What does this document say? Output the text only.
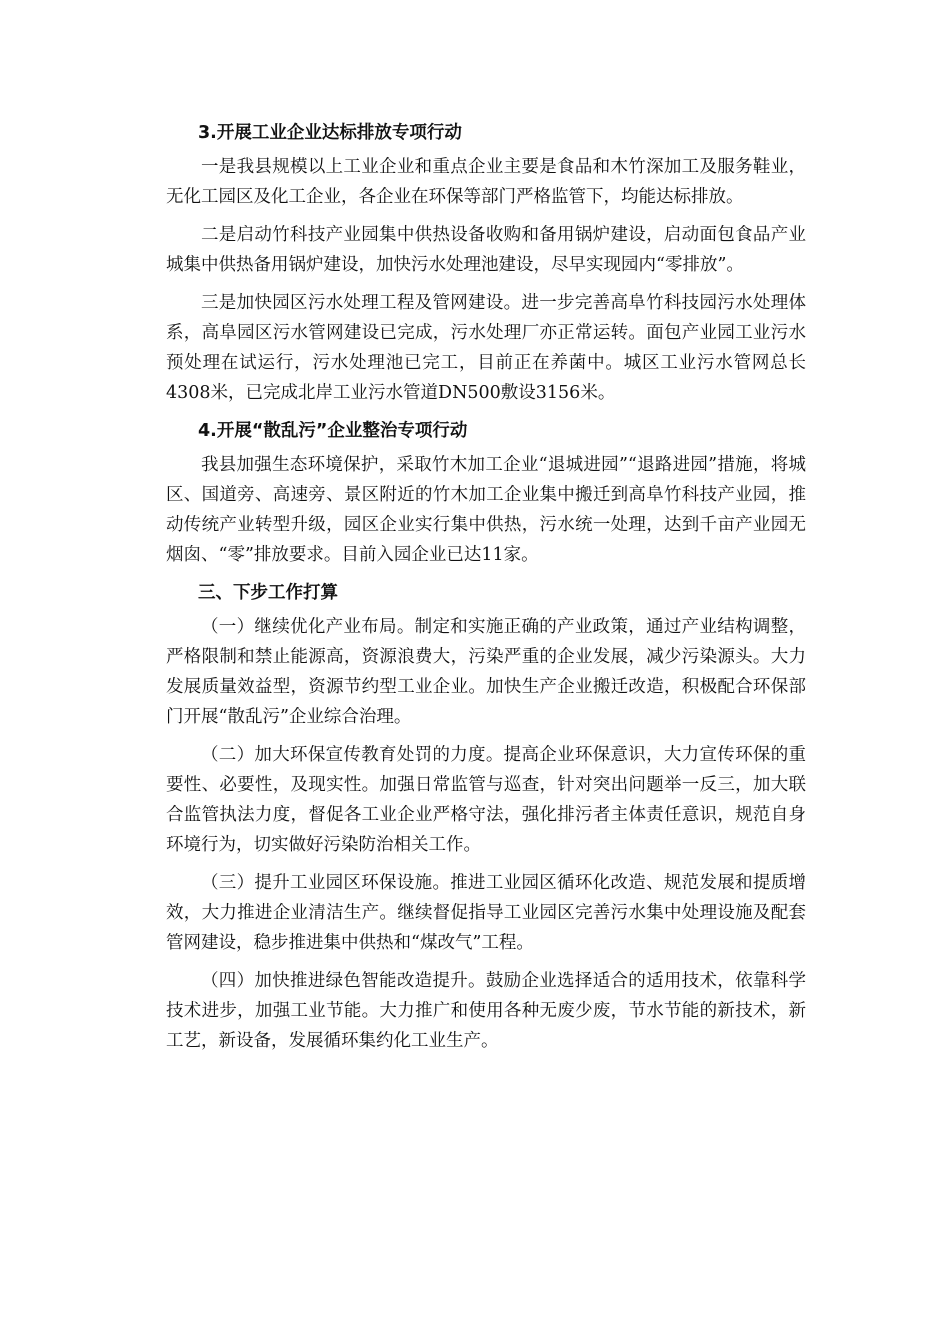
3.开展工业企业达标排放专项行动

一是我县规模以上工业企业和重点企业主要是食品和木竹深加工及服务鞋业，无化工园区及化工企业，各企业在环保等部门严格监管下，均能达标排放。

二是启动竹科技产业园集中供热设备收购和备用锅炉建设，启动面包食品产业城集中供热备用锅炉建设，加快污水处理池建设，尽早实现园内“零排放”。

三是加快园区污水处理工程及管网建设。进一步完善高阜竹科技园污水处理体系，高阜园区污水管网建设已完成，污水处理厂亦正常运转。面包产业园工业污水预处理在试运行，污水处理池已完工，目前正在养菌中。城区工业污水管网总长4308米，已完成北岸工业污水管道DN500敷设3156米。

4.开展“散乱污”企业整治专项行动

我县加强生态环境保护，采取竹木加工企业“退城进园”“退路进园”措施，将城区、国道旁、高速旁、景区附近的竹木加工企业集中搬迁到高阜竹科技产业园，推动传统产业转型升级，园区企业实行集中供热，污水统一处理，达到千亩产业园无烟囱、“零”排放要求。目前入园企业已达11家。

三、下步工作打算

（一）继续优化产业布局。制定和实施正确的产业政策，通过产业结构调整，严格限制和禁止能源高，资源浪费大，污染严重的企业发展，减少污染源头。大力发展质量效益型，资源节约型工业企业。加快生产企业搬迁改造，积极配合环保部门开展“散乱污”企业综合治理。

（二）加大环保宣传教育处罚的力度。提高企业环保意识，大力宣传环保的重要性、必要性，及现实性。加强日常监管与巡查，针对突出问题举一反三，加大联合监管执法力度，督促各工业企业严格守法，强化排污者主体责任意识，规范自身环境行为，切实做好污染防治相关工作。

（三）提升工业园区环保设施。推进工业园区循环化改造、规范发展和提质增效，大力推进企业清洁生产。继续督促指导工业园区完善污水集中处理设施及配套管网建设，稳步推进集中供热和“煤改气”工程。

（四）加快推进绿色智能改造提升。鼓励企业选择适合的适用技术，依靠科学技术进步，加强工业节能。大力推广和使用各种无废少废，节水节能的新技术，新工艺，新设备，发展循环集约化工业生产。
